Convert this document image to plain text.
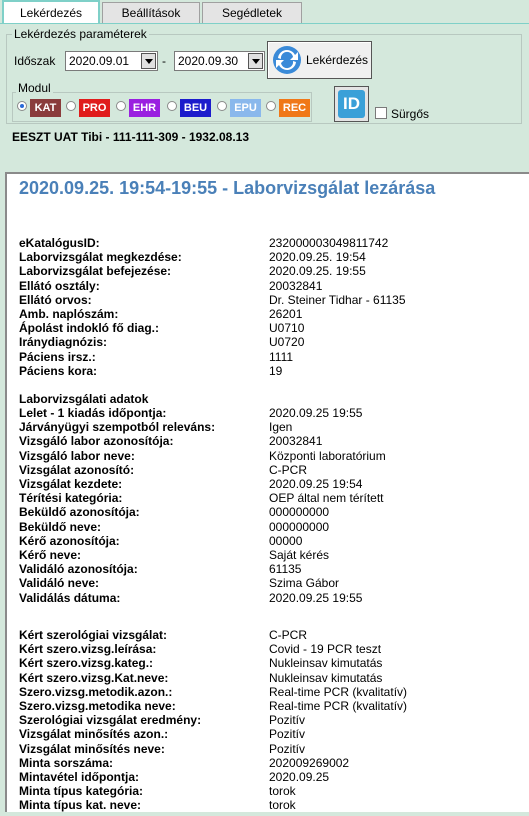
Lekérdezés	Beállítások	Segédletek
Lekérdezés paraméterek
Időszak	2020.09.01	-	2020.09.30	Lekérdezés
Modul
KAT	PRO	EHR	BEU	EPU	REC ID
Sürgős
EESZT UAT Tibi - 111-111-309 - 1932.08.13
2020.09.25. 19:54-19:55 - Laborvizsgálat lezárása
eKatalógusID:	232000003049811742
Laborvizsgálat megkezdése:	2020.09.25. 19:54
Laborvizsgálat befejezése:	2020.09.25. 19:55
Ellátó osztály:	20032841
Ellátó orvos:	Dr. Steiner Tidhar - 61135
Amb. naplószám:	26201
Ápolást indokló fő diag.:	U0710
Iránydiagnózis:	U0720
Páciens irsz.:	1111
Páciens kora:	19
Laborvizsgálati adatok
Lelet - 1 kiadás időpontja:	2020.09.25 19:55
Járványügyi szempotból releváns:	Igen
Vizsgáló labor azonosítója:	20032841
Vizsgáló labor neve:	Központi laboratórium
Vizsgálat azonosító:	C-PCR
Vizsgálat kezdete:	2020.09.25 19:54
Térítési kategória:	OEP által nem térített
Beküldő azonosítója:	000000000
Beküldő neve:	000000000
Kérő azonosítója:	00000
Kérő neve:	Saját kérés
Validáló azonosítója:	61135
Validáló neve:	Szima Gábor
Validálás dátuma:	2020.09.25 19:55
Kért szerológiai vizsgálat:	C-PCR
Kért szero.vizsg.leírása:	Covid - 19 PCR teszt
Kért szero.vizsg.kateg.:	Nukleinsav kimutatás
Kért szero.vizsg.Kat.neve:	Nukleinsav kimutatás
Szero.vizsg.metodik.azon.:	Real-time PCR (kvalitatív)
Szero.vizsg.metodika neve:	Real-time PCR (kvalitatív)
Szerológiai vizsgálat eredmény:	Pozitív
Vizsgálat minősítés azon.:	Pozitív
Vizsgálat minősítés neve:	Pozitív
Minta sorszáma:	202009269002
Mintavétel időpontja:	2020.09.25
Minta típus kategória:	torok
Minta típus kat. neve:	torok
